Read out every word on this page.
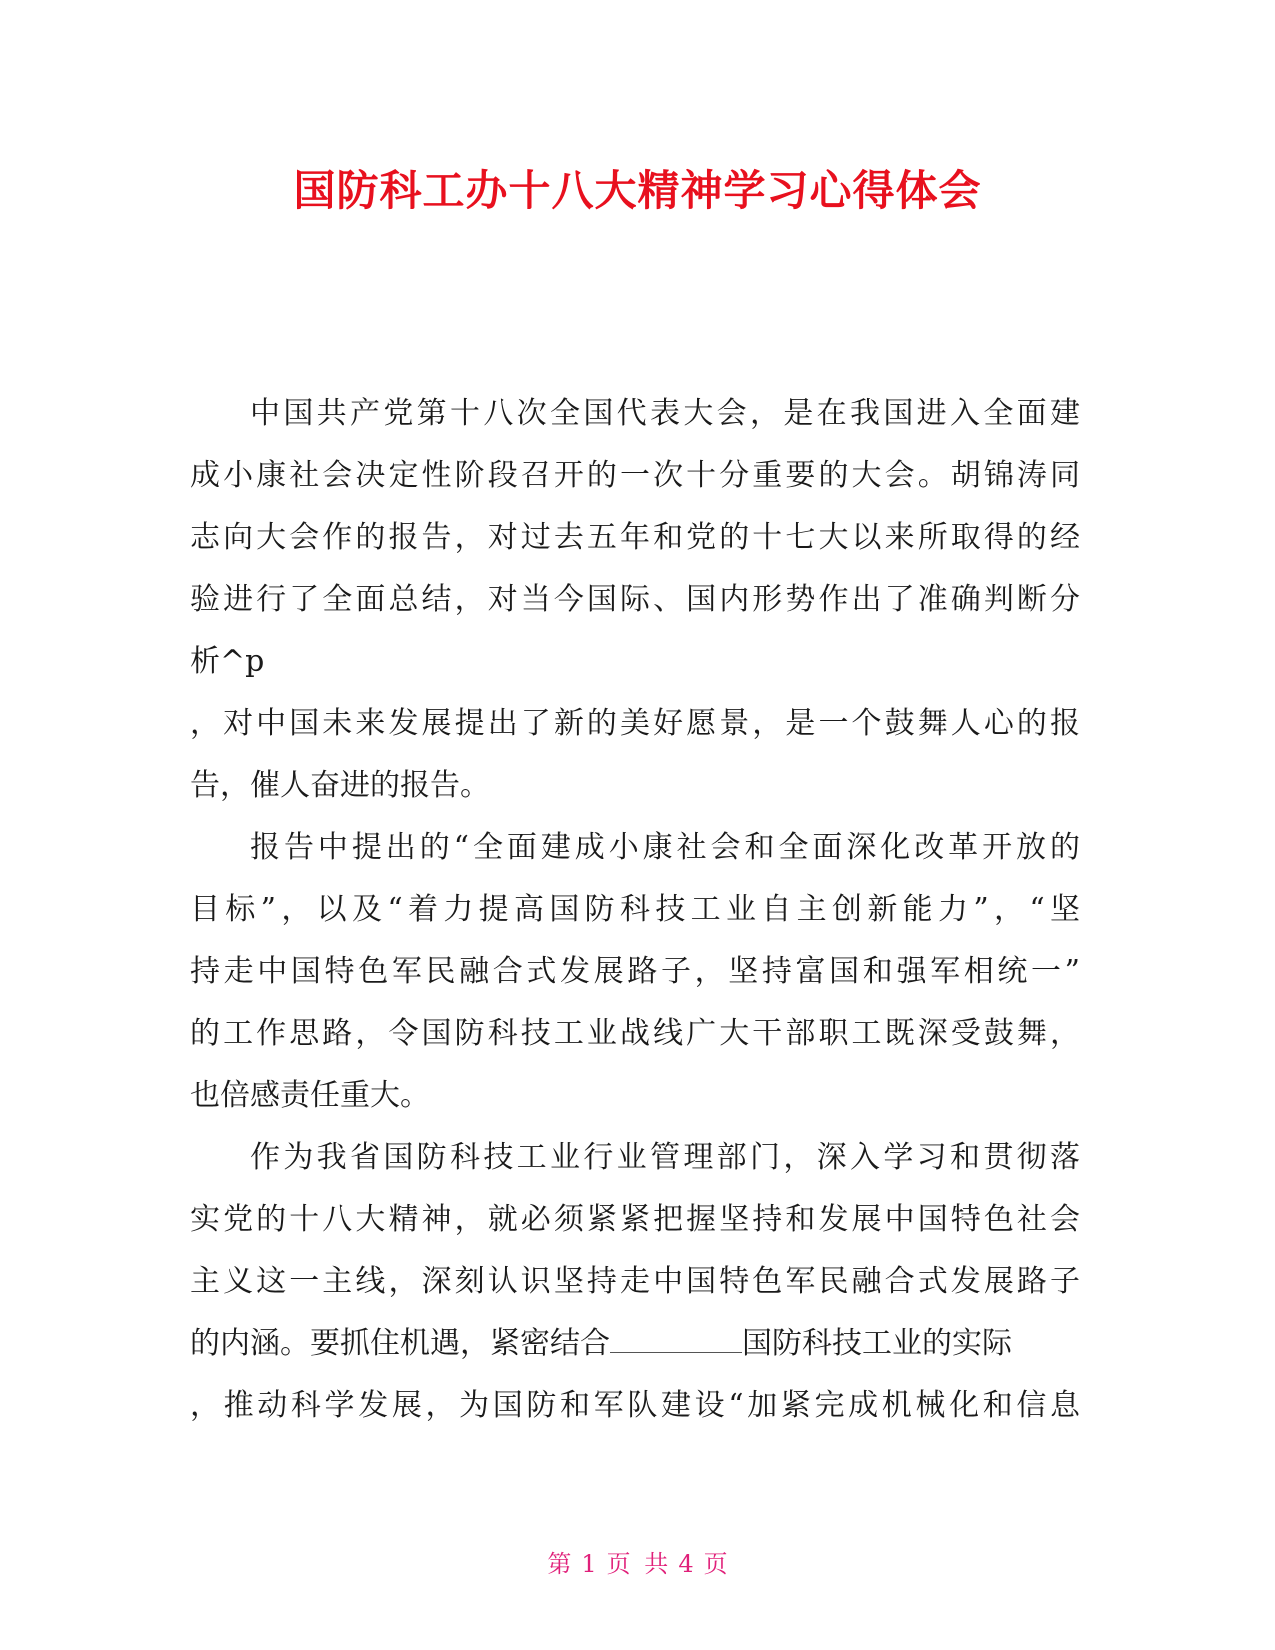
国防科工办十八大精神学习心得体会
中国共产党第十八次全国代表大会，是在我国进入全面建
成小康社会决定性阶段召开的一次十分重要的大会。胡锦涛同
志向大会作的报告，对过去五年和党的十七大以来所取得的经
验进行了全面总结，对当今国际、国内形势作出了准确判断分
析^p
，对中国未来发展提出了新的美好愿景，是一个鼓舞人心的报
告，催人奋进的报告。
报告中提出的“全面建成小康社会和全面深化改革开放的
目标”，以及“着力提高国防科技工业自主创新能力”，“坚
持走中国特色军民融合式发展路子，坚持富国和强军相统一”
的工作思路，令国防科技工业战线广大干部职工既深受鼓舞，
也倍感责任重大。
作为我省国防科技工业行业管理部门，深入学习和贯彻落
实党的十八大精神，就必须紧紧把握坚持和发展中国特色社会
主义这一主线，深刻认识坚持走中国特色军民融合式发展路子
的内涵。要抓住机遇，紧密结合	国防科技工业的实际
，推动科学发展，为国防和军队建设“加紧完成机械化和信息
第 1 页 共 4 页
